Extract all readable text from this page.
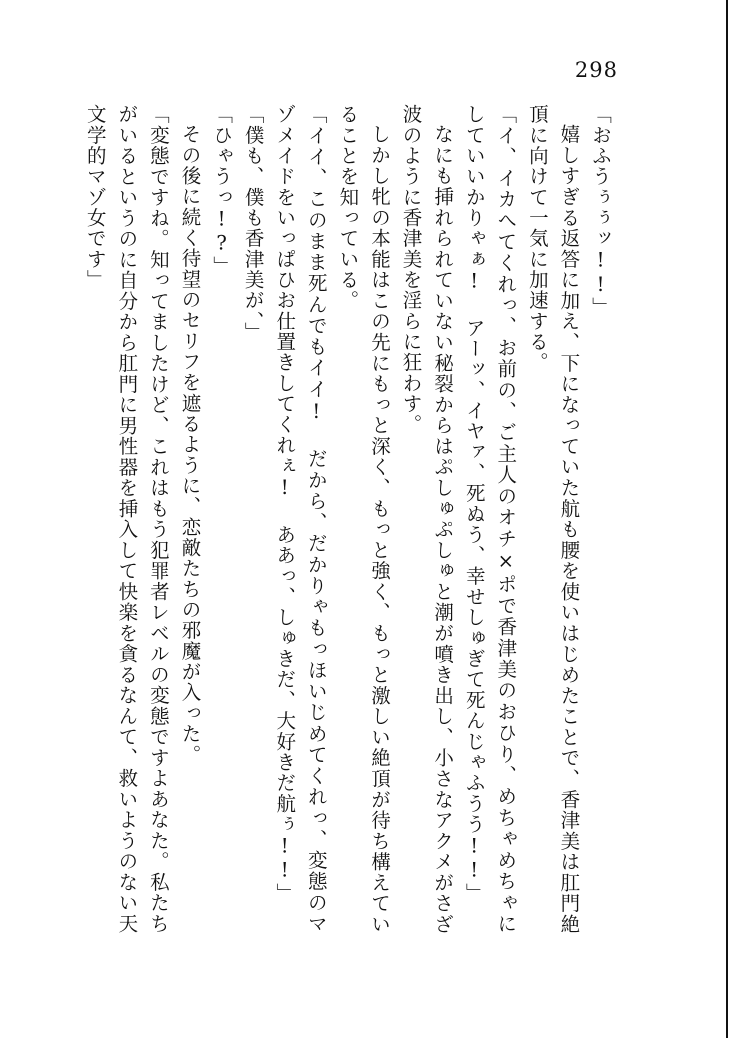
298

「おふうぅぅッ!!」

嬉しすぎる返答に加え、下になっていた航も腰を使いはじめたことで、香津美は肛門絶頂に向けて一気に加速する。

「イ、イカへてくれっ、お前の、ご主人のオチ×ポで香津美のおひり、めちゃめちゃにしていいかりゃぁ! アーッ、イヤァ、死ぬう、幸せしゅぎて死んじゃふうう!!」

なにも挿れられていない秘裂からはぷしゅぷしゅと潮が噴き出し、小さなアクメがさざ波のように香津美を淫らに狂わす。

しかし牝の本能はこの先にもっと深く、もっと強く、もっと激しい絶頂が待ち構えていることを知っている。

「イイ、このまま死んでもイイ! だから、だかりゃもっほいじめてくれっ、変態のマゾメイドをいっぱひお仕置きしてくれぇ! ああっ、しゅきだ、大好きだ航ぅ!!」

「僕も、僕も香津美が、」

「ひゃうっ!?」

その後に続く待望のセリフを遮るように、恋敵たちの邪魔が入った。

「変態ですね。知ってましたけど、これはもう犯罪者レベルの変態ですよあなた。私たちがいるというのに自分から肛門に男性器を挿入して快楽を貪るなんて、救いようのない天文学的マゾ女です」
